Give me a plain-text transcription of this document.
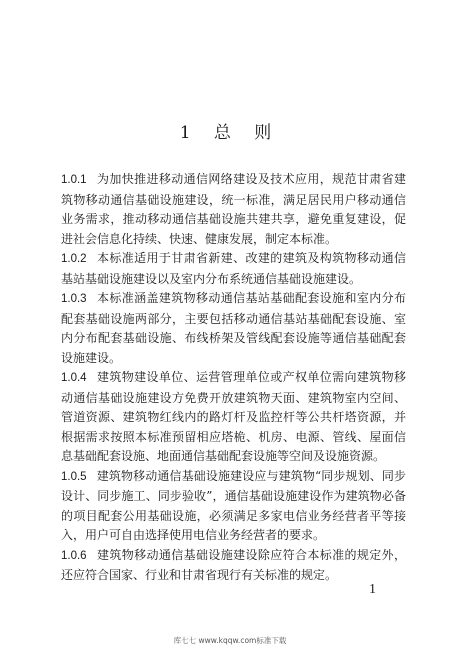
1 总 则

1.0.1 为加快推进移动通信网络建设及技术应用，规范甘肃省建筑物移动通信基础设施建设，统一标准，满足居民用户移动通信业务需求，推动移动通信基础设施共建共享，避免重复建设，促进社会信息化持续、快速、健康发展，制定本标准。

1.0.2 本标准适用于甘肃省新建、改建的建筑及构筑物移动通信基站基础设施建设以及室内分布系统通信基础设施建设。

1.0.3 本标准涵盖建筑物移动通信基站基础配套设施和室内分布配套基础设施两部分，主要包括移动通信基站基础配套设施、室内分布配套基础设施、布线桥架及管线配套设施等通信基础配套设施建设。

1.0.4 建筑物建设单位、运营管理单位或产权单位需向建筑物移动通信基础设施建设方免费开放建筑物天面、建筑物室内空间、管道资源、建筑物红线内的路灯杆及监控杆等公共杆塔资源，并根据需求按照本标准预留相应塔桅、机房、电源、管线、屋面信息基础配套设施、地面通信基础配套设施等空间及设施资源。

1.0.5 建筑物移动通信基础设施建设应与建筑物“同步规划、同步设计、同步施工、同步验收”，通信基础设施建设作为建筑物必备的项目配套公用基础设施，必须满足多家电信业务经营者平等接入，用户可自由选择使用电信业务经营者的要求。

1.0.6 建筑物移动通信基础设施建设除应符合本标准的规定外，还应符合国家、行业和甘肃省现行有关标准的规定。

1
库七七 www.kqqw.com标准下载
